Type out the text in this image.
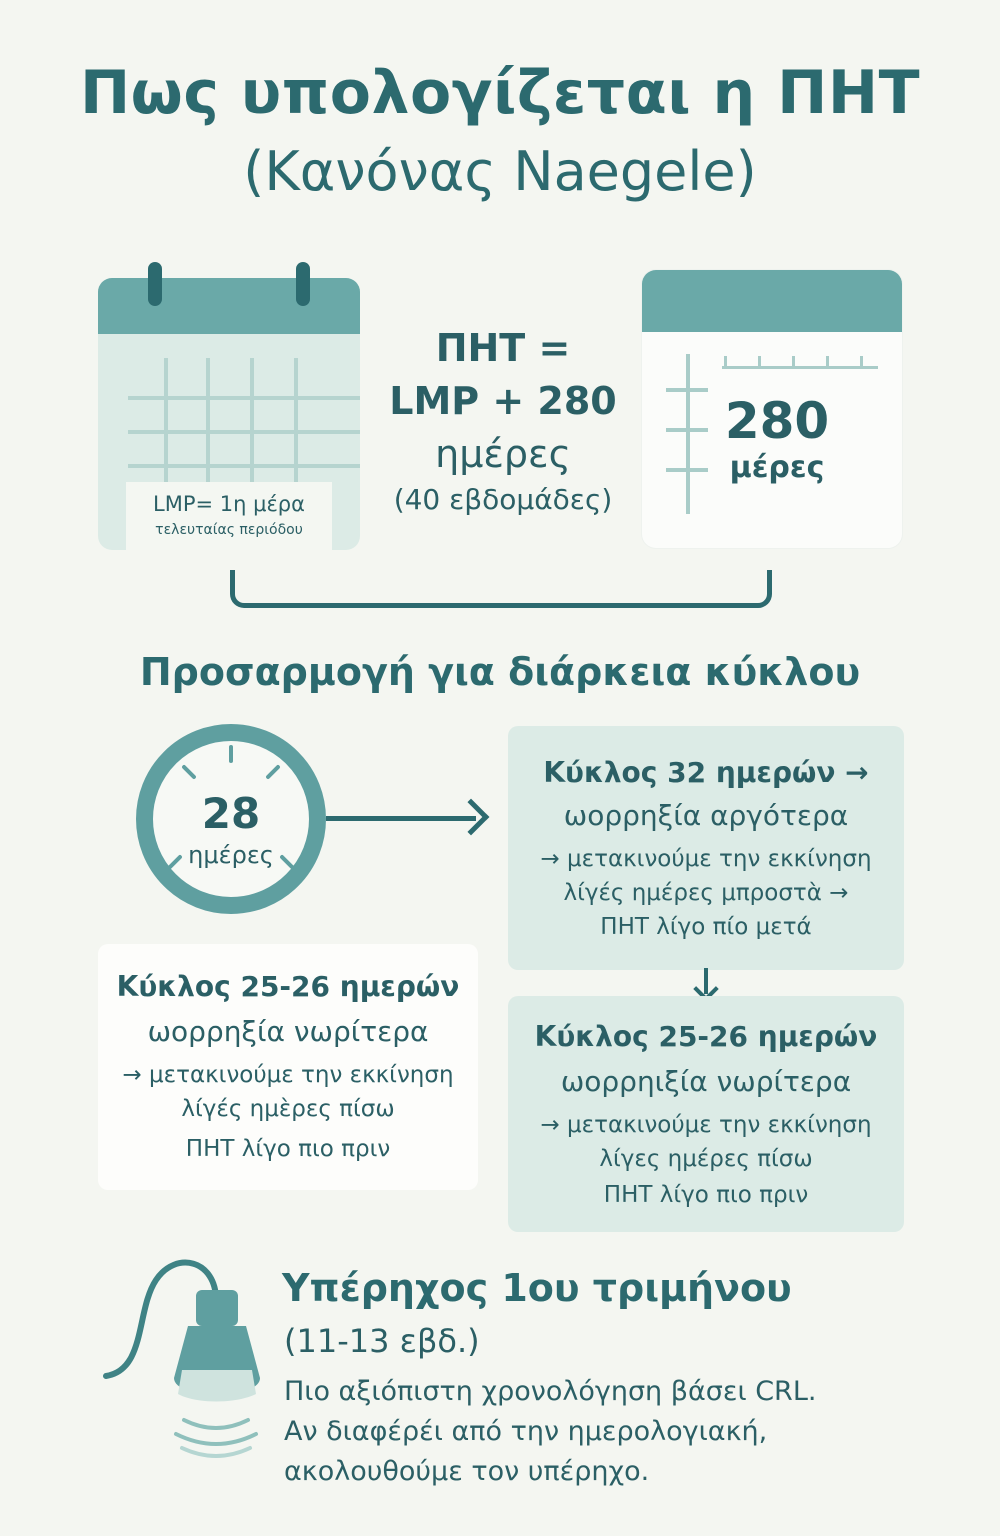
Πως υπολογίζεται η ΠΗΤ
(Κανόνας Naegele)
LMP= 1η μέρα
τελευταίας περιόδου
ΠΗΤ =
LMP + 280
ημέρες
(40 εβδομάδες)
280
μέρες
Προσαρμογή για διάρκεια κύκλου
28
ημέρες
Κύκλος 32 ημερών →
ωορρηξία αργότερα
→ μετακινούμε την εκκίνηση
λίγές ημέρες μπροστὰ →
ΠΗΤ λίγο πίο μετά
Κύκλος 25-26 ημερών
ωορρηξία νωρίτερα
→ μετακινούμε την εκκίνηση
λίγές ημὲρες πίσω
ΠΗΤ λίγο πιο πριν
Κύκλος 25-26 ημερών
ωορρηιξία νωρίτερα
→ μετακινούμε την εκκίνηση
λίγες ημέρες πίσω
ΠΗΤ λίγο πιο πριν
Υπέρηχος 1ου τριμήνου
(11-13 εβδ.)
Πιο αξιόπιστη χρονολόγηση βάσει CRL.
Αν διαφέρέι από την ημερολογιακή,
ακολουθούμε τον υπέρηχο.
